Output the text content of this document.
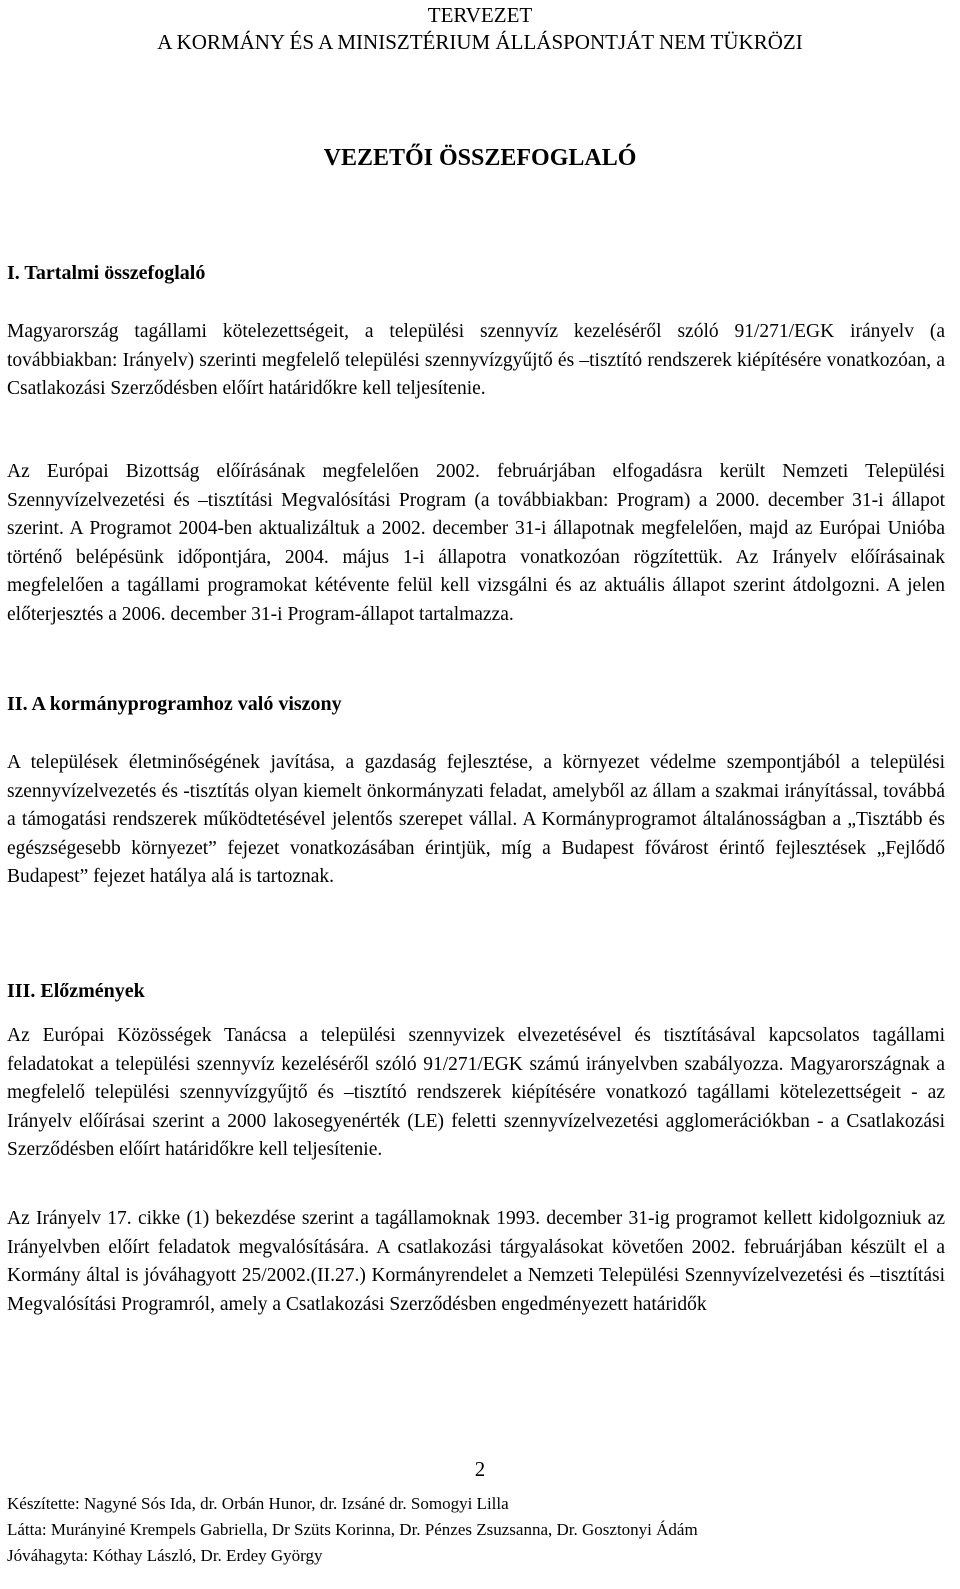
TERVEZET
A KORMÁNY ÉS A MINISZTÉRIUM ÁLLÁSPONTJÁT NEM TÜKRÖZI
VEZETŐI ÖSSZEFOGLALÓ
I. Tartalmi összefoglaló
Magyarország tagállami kötelezettségeit, a települési szennyvíz kezeléséről szóló 91/271/EGK irányelv (a továbbiakban: Irányelv) szerinti megfelelő települési szennyvízgyűjtő és –tisztító rendszerek kiépítésére vonatkozóan, a Csatlakozási Szerződésben előírt határidőkre kell teljesítenie.
Az Európai Bizottság előírásának megfelelően 2002. februárjában elfogadásra került Nemzeti Települési Szennyvízelvezetési és –tisztítási Megvalósítási Program (a továbbiakban: Program) a 2000. december 31-i állapot szerint. A Programot 2004-ben aktualizáltuk a 2002. december 31-i állapotnak megfelelően, majd az Európai Unióba történő belépésünk időpontjára, 2004. május 1-i állapotra vonatkozóan rögzítettük. Az Irányelv előírásainak megfelelően a tagállami programokat kétévente felül kell vizsgálni és az aktuális állapot szerint átdolgozni. A jelen előterjesztés a 2006. december 31-i Program-állapot tartalmazza.
II. A kormányprogramhoz való viszony
A települések életminőségének javítása, a gazdaság fejlesztése, a környezet védelme szempontjából a települési szennyvízelvezetés és -tisztítás olyan kiemelt önkormányzati feladat, amelyből az állam a szakmai irányítással, továbbá a támogatási rendszerek működtetésével jelentős szerepet vállal. A Kormányprogramot általánosságban a „Tisztább és egészségesebb környezet” fejezet vonatkozásában érintjük, míg a Budapest fővárost érintő fejlesztések „Fejlődő Budapest” fejezet hatálya alá is tartoznak.
III. Előzmények
Az Európai Közösségek Tanácsa a települési szennyvizek elvezetésével és tisztításával kapcsolatos tagállami feladatokat a települési szennyvíz kezeléséről szóló 91/271/EGK számú irányelvben szabályozza. Magyarországnak a megfelelő települési szennyvízgyűjtő és –tisztító rendszerek kiépítésére vonatkozó tagállami kötelezettségeit - az Irányelv előírásai szerint a 2000 lakosegyenérték (LE) feletti szennyvízelvezetési agglomerációkban - a Csatlakozási Szerződésben előírt határidőkre kell teljesítenie.
Az Irányelv 17. cikke (1) bekezdése szerint a tagállamoknak 1993. december 31-ig programot kellett kidolgozniuk az Irányelvben előírt feladatok megvalósítására. A csatlakozási tárgyalásokat követően 2002. februárjában készült el a Kormány által is jóváhagyott 25/2002.(II.27.) Kormányrendelet a Nemzeti Települési Szennyvízelvezetési és –tisztítási Megvalósítási Programról, amely a Csatlakozási Szerződésben engedményezett határidők
2
Készítette: Nagyné Sós Ida, dr. Orbán Hunor, dr. Izsáné dr. Somogyi Lilla
Látta: Murányiné Krempels Gabriella, Dr Szüts Korinna, Dr. Pénzes Zsuzsanna, Dr. Gosztonyi Ádám
Jóváhagyta: Kóthay László, Dr. Erdey György
